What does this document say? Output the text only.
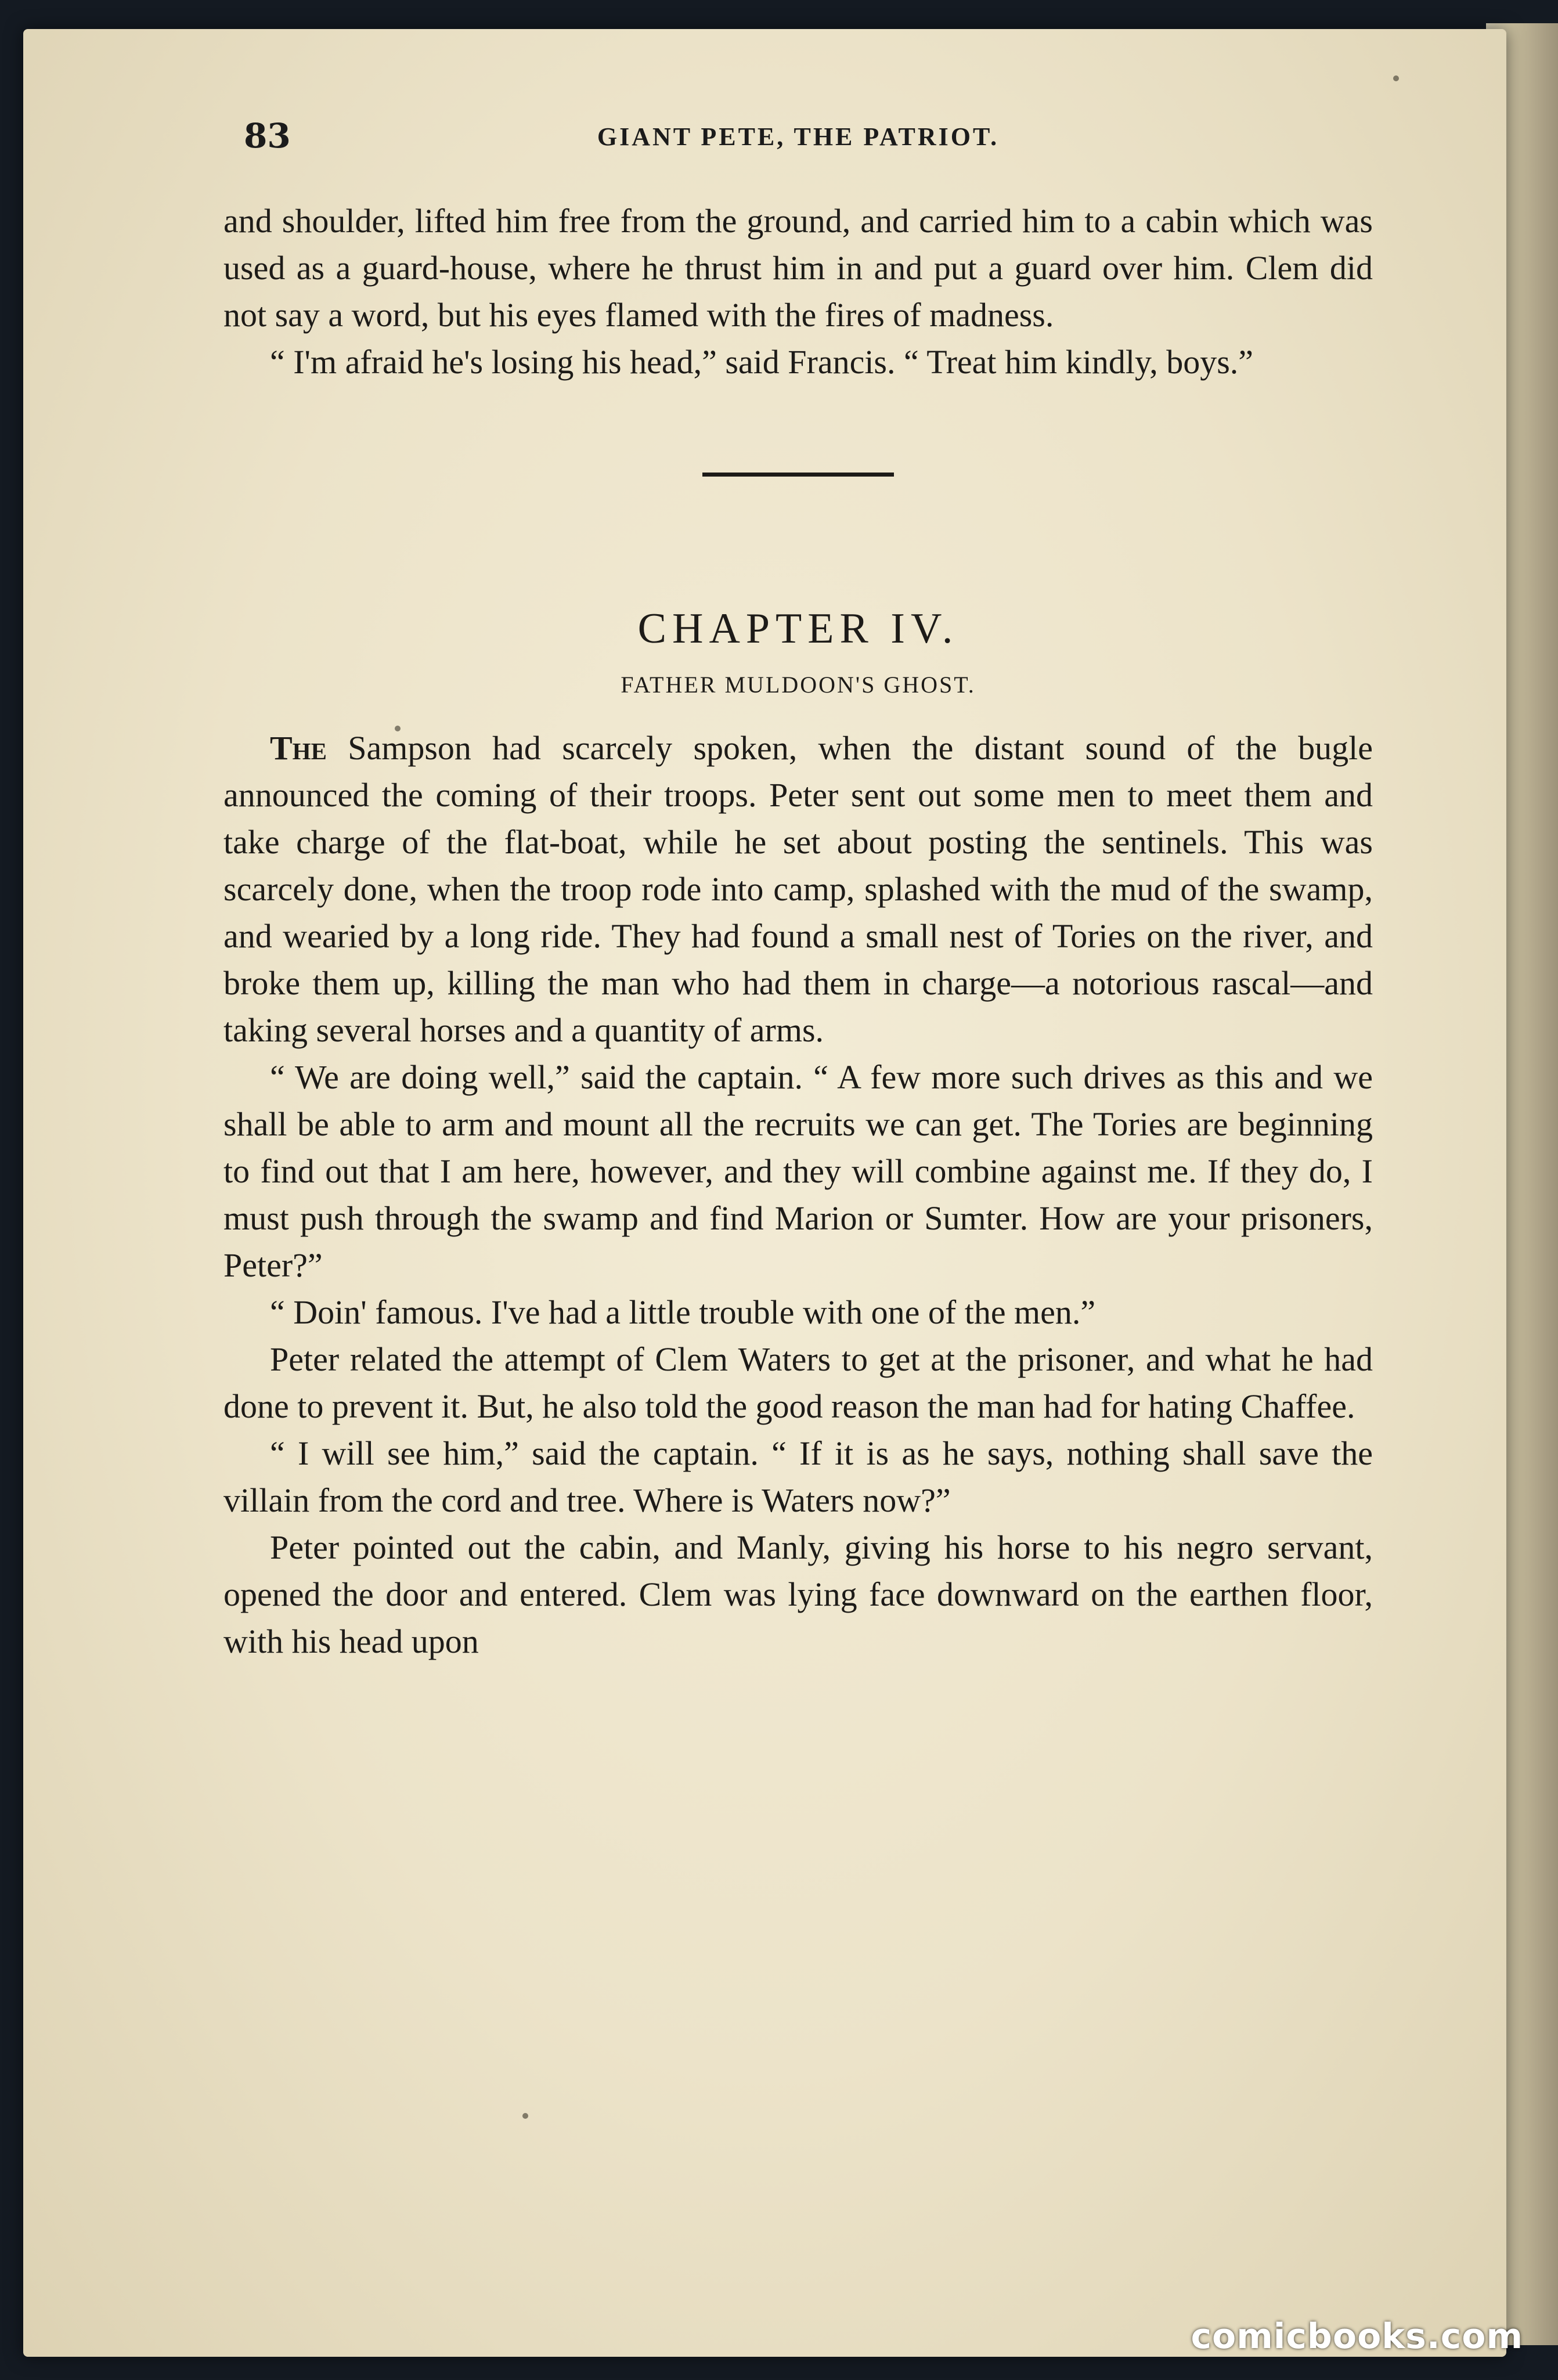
83	GIANT PETE, THE PATRIOT.

and shoulder, lifted him free from the ground, and carried him to a cabin which was used as a guard-house, where he thrust him in and put a guard over him. Clem did not say a word, but his eyes flamed with the fires of madness.

“ I'm afraid he's losing his head,” said Francis. “ Treat him kindly, boys.”

CHAPTER IV.
FATHER MULDOON'S GHOST.

The Sampson had scarcely spoken, when the distant sound of the bugle announced the coming of their troops. Peter sent out some men to meet them and take charge of the flat-boat, while he set about posting the sentinels. This was scarcely done, when the troop rode into camp, splashed with the mud of the swamp, and wearied by a long ride. They had found a small nest of Tories on the river, and broke them up, killing the man who had them in charge—a notorious rascal—and taking several horses and a quantity of arms.

“ We are doing well,” said the captain. “ A few more such drives as this and we shall be able to arm and mount all the recruits we can get. The Tories are beginning to find out that I am here, however, and they will combine against me. If they do, I must push through the swamp and find Marion or Sumter. How are your prisoners, Peter?”

“ Doin' famous. I've had a little trouble with one of the men.”

Peter related the attempt of Clem Waters to get at the prisoner, and what he had done to prevent it. But, he also told the good reason the man had for hating Chaffee.

“ I will see him,” said the captain. “ If it is as he says, nothing shall save the villain from the cord and tree. Where is Waters now?”

Peter pointed out the cabin, and Manly, giving his horse to his negro servant, opened the door and entered. Clem was lying face downward on the earthen floor, with his head upon

comicbooks.com
